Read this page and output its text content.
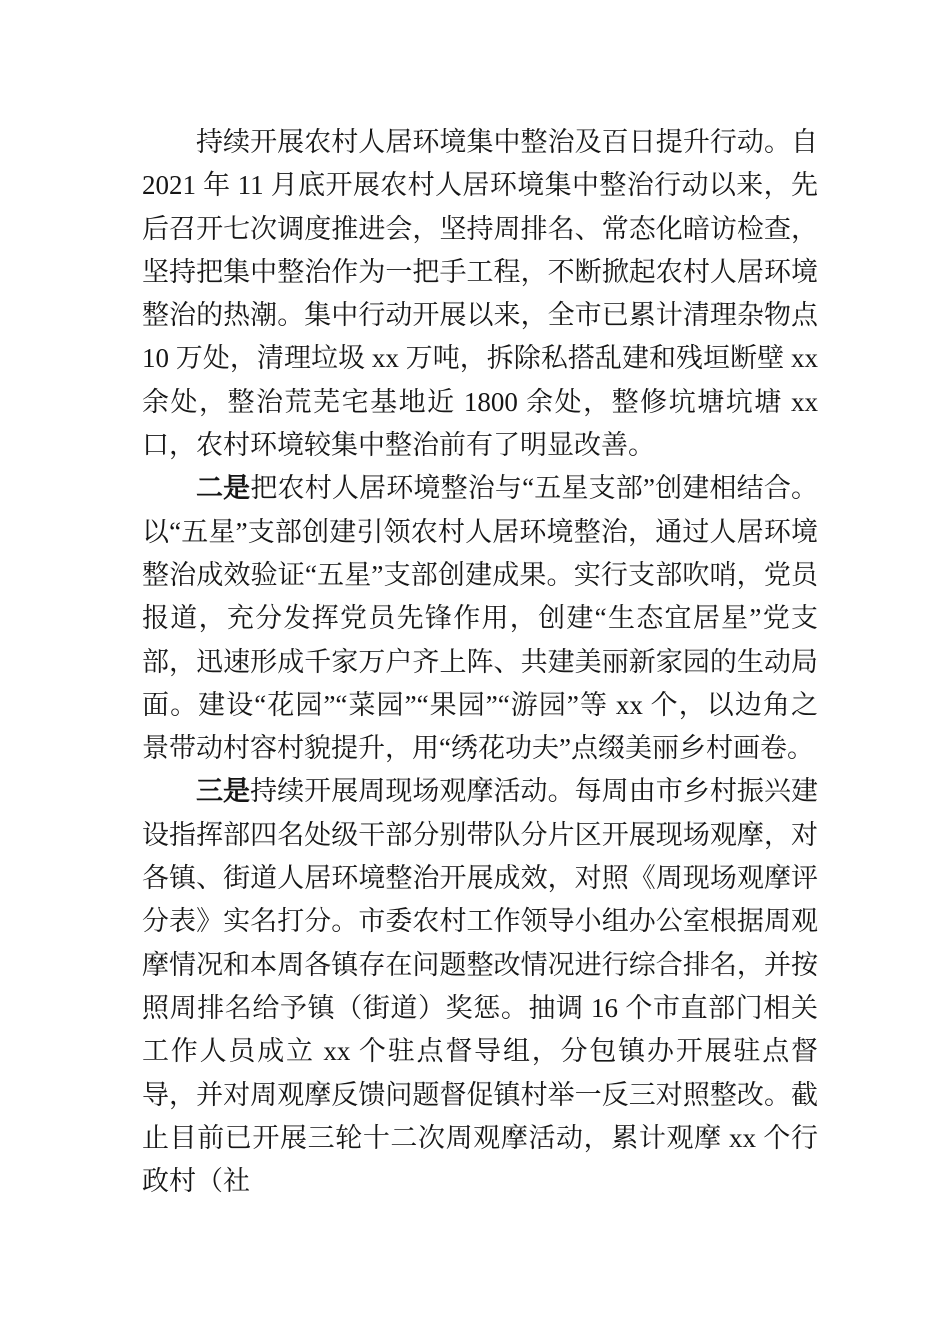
持续开展农村人居环境集中整治及百日提升行动。自 2021 年 11 月底开展农村人居环境集中整治行动以来，先后召开七次调度推进会，坚持周排名、常态化暗访检查，坚持把集中整治作为一把手工程，不断掀起农村人居环境整治的热潮。集中行动开展以来，全市已累计清理杂物点 10 万处，清理垃圾 xx 万吨，拆除私搭乱建和残垣断壁 xx 余处，整治荒芜宅基地近 1800 余处，整修坑塘坑塘 xx 口，农村环境较集中整治前有了明显改善。

二是把农村人居环境整治与“五星支部”创建相结合。以“五星”支部创建引领农村人居环境整治，通过人居环境整治成效验证“五星”支部创建成果。实行支部吹哨，党员报道，充分发挥党员先锋作用，创建“生态宜居星”党支部，迅速形成千家万户齐上阵、共建美丽新家园的生动局面。建设“花园”“菜园”“果园”“游园”等 xx 个，以边角之景带动村容村貌提升，用“绣花功夫”点缀美丽乡村画卷。

三是持续开展周现场观摩活动。每周由市乡村振兴建设指挥部四名处级干部分别带队分片区开展现场观摩，对各镇、街道人居环境整治开展成效，对照《周现场观摩评分表》实名打分。市委农村工作领导小组办公室根据周观摩情况和本周各镇存在问题整改情况进行综合排名，并按照周排名给予镇（街道）奖惩。抽调 16 个市直部门相关工作人员成立 xx 个驻点督导组，分包镇办开展驻点督导，并对周观摩反馈问题督促镇村举一反三对照整改。截止目前已开展三轮十二次周观摩活动，累计观摩 xx 个行政村（社
